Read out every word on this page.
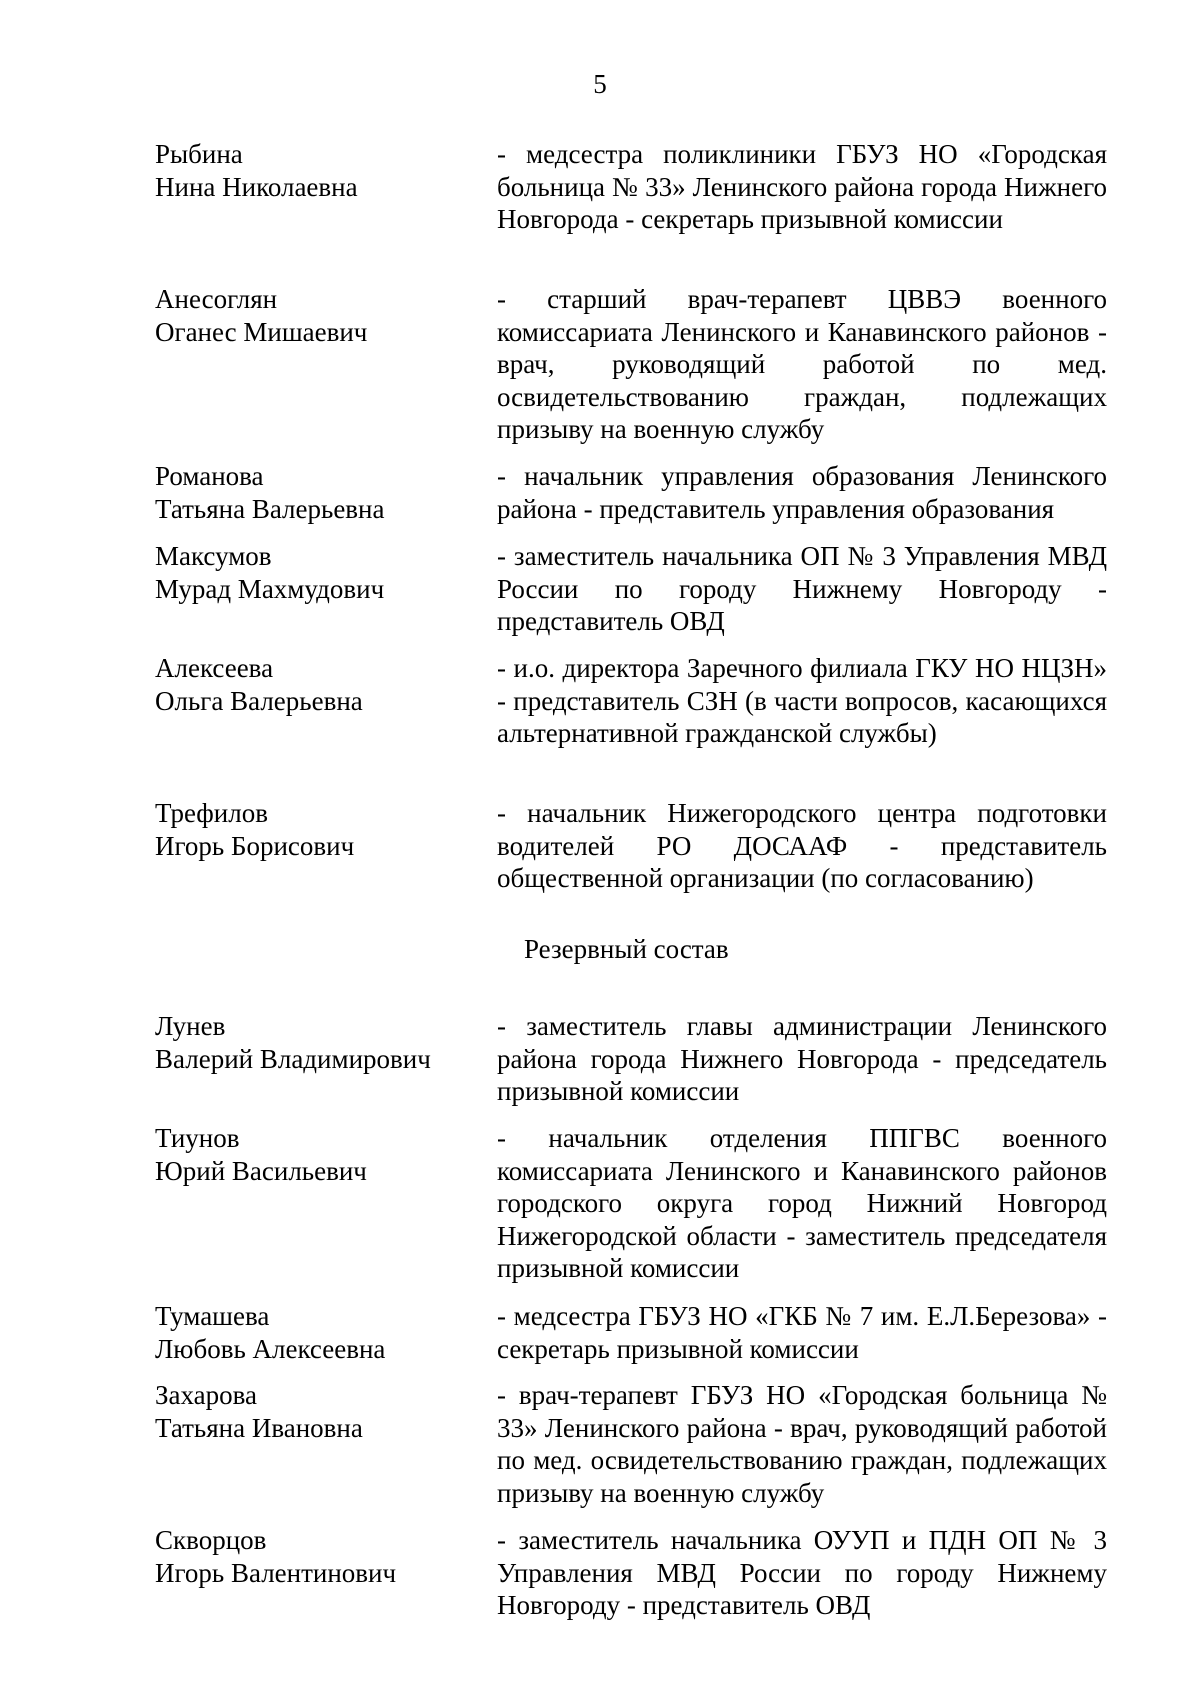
5
Рыбина
Нина Николаевна
- медсестра поликлиники ГБУЗ НО «Городская больница № 33» Ленинского района города Нижнего Новгорода - секретарь призывной комиссии
Анесоглян
Оганес Мишаевич
- старший врач-терапевт ЦВВЭ военного комиссариата Ленинского и Канавинского районов - врач, руководящий работой по мед. освидетельствованию граждан, подлежащих призыву на военную службу
Романова
Татьяна Валерьевна
- начальник управления образования Ленинского района - представитель управления образования
Максумов
Мурад Махмудович
- заместитель начальника ОП № 3 Управления МВД России по городу Нижнему Новгороду - представитель ОВД
Алексеева
Ольга Валерьевна
- и.о. директора Заречного филиала ГКУ НО НЦЗН» - представитель СЗН (в части вопросов, касающихся альтернативной гражданской службы)
Трефилов
Игорь Борисович
- начальник Нижегородского центра подготовки водителей РО ДОСААФ - представитель общественной организации (по согласованию)
Резервный состав
Лунев
Валерий Владимирович
- заместитель главы администрации Ленинского района города Нижнего Новгорода - председатель призывной комиссии
Тиунов
Юрий Васильевич
- начальник отделения ППГВС военного комиссариата Ленинского и Канавинского районов городского округа город Нижний Новгород Нижегородской области - заместитель председателя призывной комиссии
Тумашева
Любовь Алексеевна
- медсестра ГБУЗ НО «ГКБ № 7 им. Е.Л.Березова» - секретарь призывной комиссии
Захарова
Татьяна Ивановна
- врач-терапевт ГБУЗ НО «Городская больница № 33» Ленинского района - врач, руководящий работой по мед. освидетельствованию граждан, подлежащих призыву на военную службу
Скворцов
Игорь Валентинович
- заместитель начальника ОУУП и ПДН ОП № 3 Управления МВД России по городу Нижнему Новгороду - представитель ОВД
